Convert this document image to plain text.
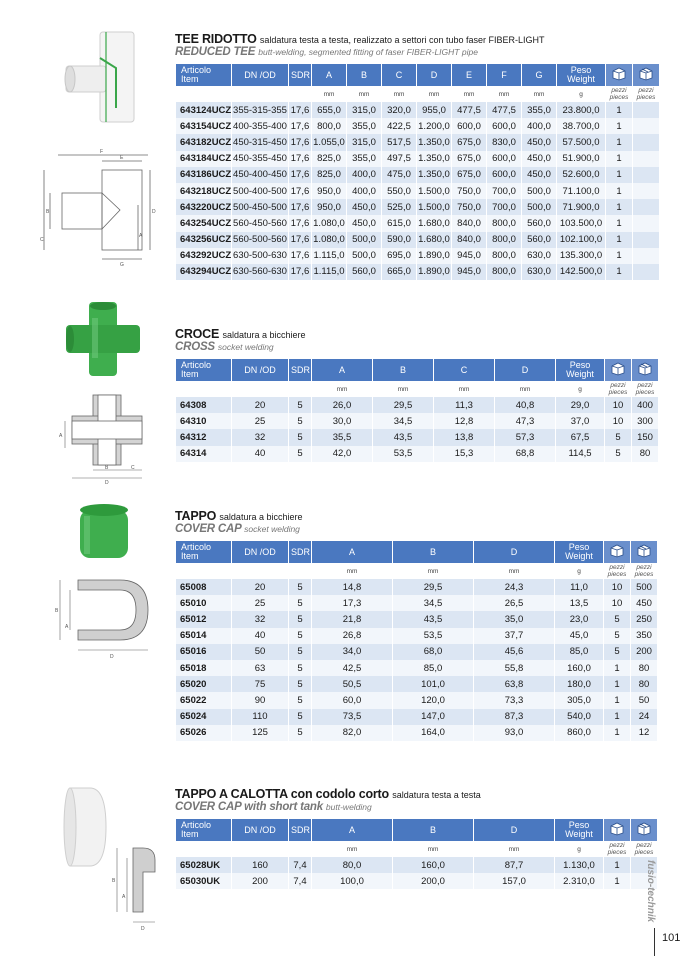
F
E
B
C
D
A
G
TEE RIDOTTO saldatura testa a testa, realizzato a settori con tubo faser FIBER-LIGHT
REDUCED TEE butt-welding, segmented fitting of faser FIBER-LIGHT pipe
Articolo Item	DN /OD	SDR	A	B	C	D	E	F	G	Peso Weight		
			mm	mm	mm	mm	mm	mm	mm	g	pezzi
pieces	pezzi
pieces
643124UCZ	355-315-355	17,6	655,0	315,0	320,0	955,0	477,5	477,5	355,0	23.800,0	1	
643154UCZ	400-355-400	17,6	800,0	355,0	422,5	1.200,0	600,0	600,0	400,0	38.700,0	1	
643182UCZ	450-315-450	17,6	1.055,0	315,0	517,5	1.350,0	675,0	830,0	450,0	57.500,0	1	
643184UCZ	450-355-450	17,6	825,0	355,0	497,5	1.350,0	675,0	600,0	450,0	51.900,0	1	
643186UCZ	450-400-450	17,6	825,0	400,0	475,0	1.350,0	675,0	600,0	450,0	52.600,0	1	
643218UCZ	500-400-500	17,6	950,0	400,0	550,0	1.500,0	750,0	700,0	500,0	71.100,0	1	
643220UCZ	500-450-500	17,6	950,0	450,0	525,0	1.500,0	750,0	700,0	500,0	71.900,0	1	
643254UCZ	560-450-560	17,6	1.080,0	450,0	615,0	1.680,0	840,0	800,0	560,0	103.500,0	1	
643256UCZ	560-500-560	17,6	1.080,0	500,0	590,0	1.680,0	840,0	800,0	560,0	102.100,0	1	
643292UCZ	630-500-630	17,6	1.115,0	500,0	695,0	1.890,0	945,0	800,0	630,0	135.300,0	1	
643294UCZ	630-560-630	17,6	1.115,0	560,0	665,0	1.890,0	945,0	800,0	630,0	142.500,0	1	
A
B	C
D
CROCE saldatura a bicchiere
CROSS socket welding
Articolo Item	DN /OD	SDR	A	B	C	D	Peso Weight		
			mm	mm	mm	mm	g	pezzi
pieces	pezzi
pieces
64308	20	5	26,0	29,5	11,3	40,8	29,0	10	400
64310	25	5	30,0	34,5	12,8	47,3	37,0	10	300
64312	32	5	35,5	43,5	13,8	57,3	67,5	5	150
64314	40	5	42,0	53,5	15,3	68,8	114,5	5	80
B
A
D
TAPPO saldatura a bicchiere
COVER CAP socket welding
Articolo Item	DN /OD	SDR	A	B	D	Peso Weight		
			mm	mm	mm	g	pezzi
pieces	pezzi
pieces
65008	20	5	14,8	29,5	24,3	11,0	10	500
65010	25	5	17,3	34,5	26,5	13,5	10	450
65012	32	5	21,8	43,5	35,0	23,0	5	250
65014	40	5	26,8	53,5	37,7	45,0	5	350
65016	50	5	34,0	68,0	45,6	85,0	5	200
65018	63	5	42,5	85,0	55,8	160,0	1	80
65020	75	5	50,5	101,0	63,8	180,0	1	80
65022	90	5	60,0	120,0	73,3	305,0	1	50
65024	110	5	73,5	147,0	87,3	540,0	1	24
65026	125	5	82,0	164,0	93,0	860,0	1	12
B
A
D
TAPPO A CALOTTA con codolo corto saldatura testa a testa
COVER CAP with short tank butt-welding
Articolo Item	DN /OD	SDR	A	B	D	Peso Weight		
			mm	mm	mm	g	pezzi
pieces	pezzi
pieces
65028UK	160	7,4	80,0	160,0	87,7	1.130,0	1	
65030UK	200	7,4	100,0	200,0	157,0	2.310,0	1		fusio-technik
101
